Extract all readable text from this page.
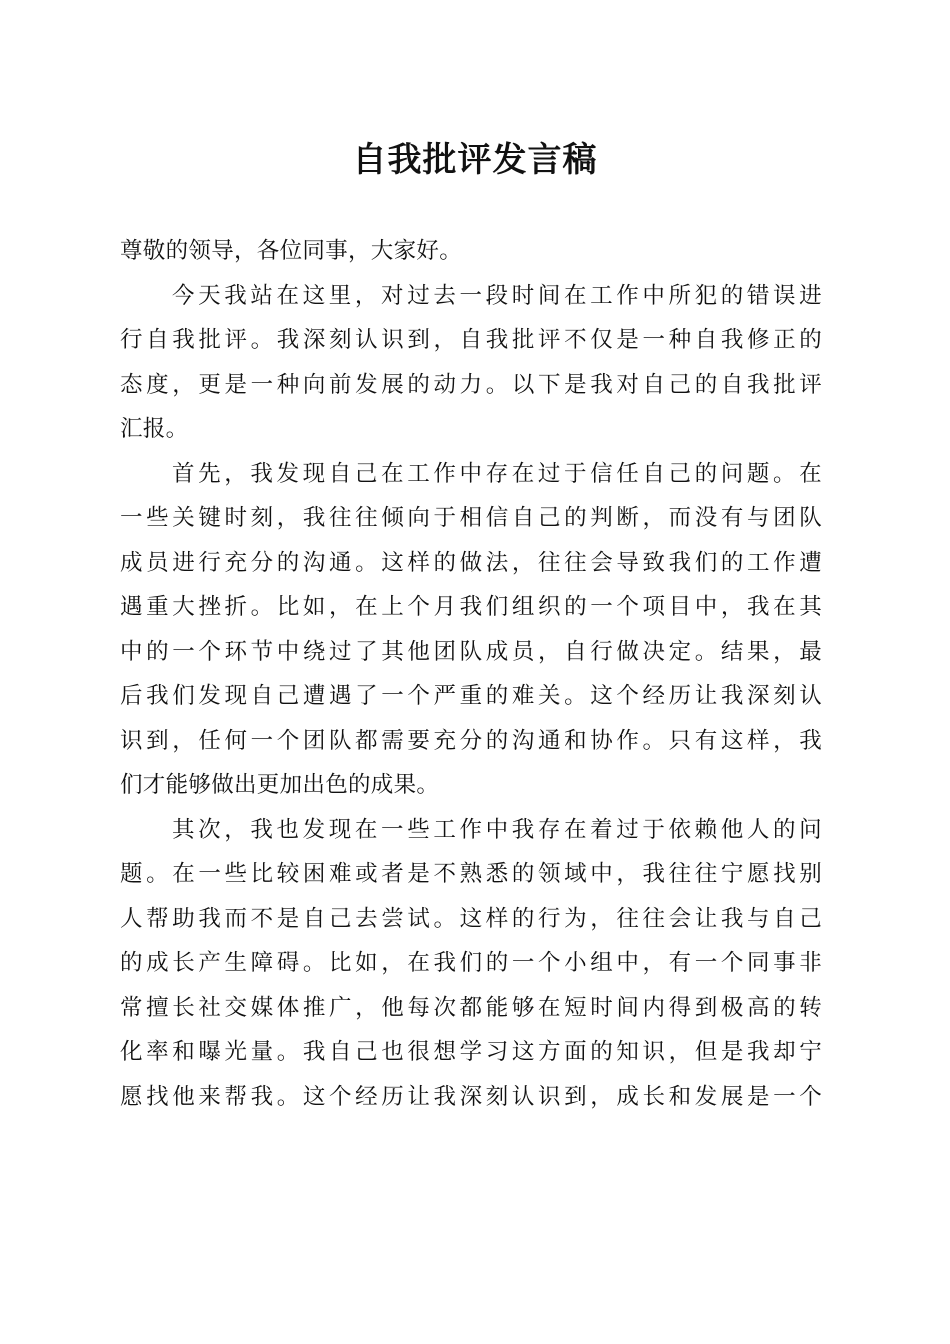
自我批评发言稿
尊敬的领导，各位同事，大家好。
今天我站在这里，对过去一段时间在工作中所犯的错误进
行自我批评。我深刻认识到，自我批评不仅是一种自我修正的
态度，更是一种向前发展的动力。以下是我对自己的自我批评
汇报。
首先，我发现自己在工作中存在过于信任自己的问题。在
一些关键时刻，我往往倾向于相信自己的判断，而没有与团队
成员进行充分的沟通。这样的做法，往往会导致我们的工作遭
遇重大挫折。比如，在上个月我们组织的一个项目中，我在其
中的一个环节中绕过了其他团队成员，自行做决定。结果，最
后我们发现自己遭遇了一个严重的难关。这个经历让我深刻认
识到，任何一个团队都需要充分的沟通和协作。只有这样，我
们才能够做出更加出色的成果。
其次，我也发现在一些工作中我存在着过于依赖他人的问
题。在一些比较困难或者是不熟悉的领域中，我往往宁愿找别
人帮助我而不是自己去尝试。这样的行为，往往会让我与自己
的成长产生障碍。比如，在我们的一个小组中，有一个同事非
常擅长社交媒体推广，他每次都能够在短时间内得到极高的转
化率和曝光量。我自己也很想学习这方面的知识，但是我却宁
愿找他来帮我。这个经历让我深刻认识到，成长和发展是一个
